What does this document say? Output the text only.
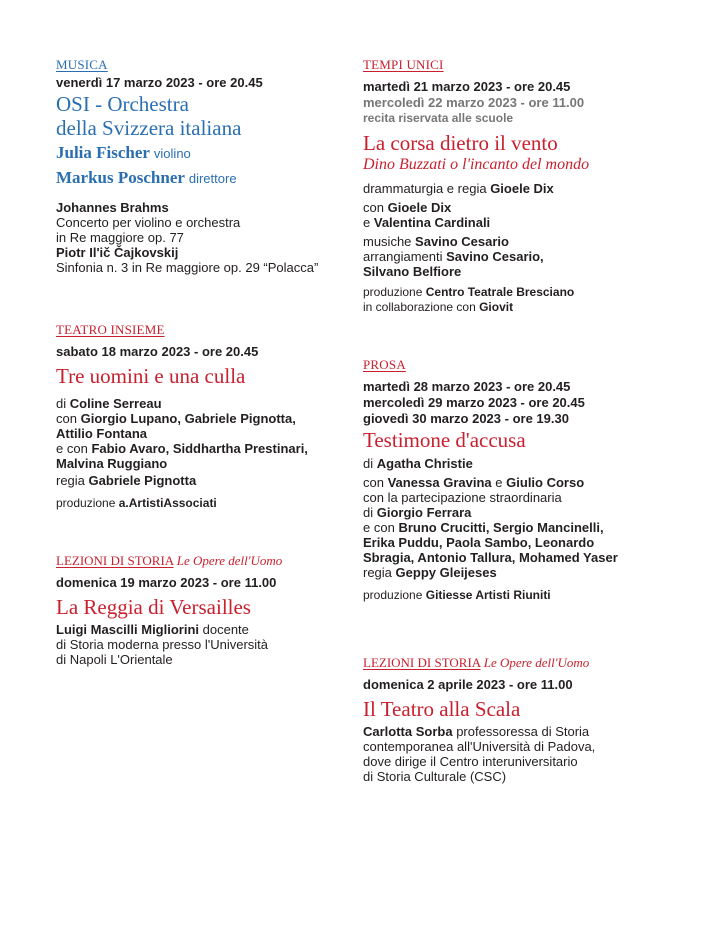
MUSICA
venerdì 17 marzo 2023 - ore 20.45
OSI - Orchestra
della Svizzera italiana
Julia Fischer violino
Markus Poschner direttore
Johannes Brahms
Concerto per violino e orchestra
in Re maggiore op. 77
Piotr Il'ič Čajkovskij
Sinfonia n. 3 in Re maggiore op. 29 “Polacca”
TEATRO INSIEME
sabato 18 marzo 2023 - ore 20.45
Tre uomini e una culla
di Coline Serreau
con Giorgio Lupano, Gabriele Pignotta,
Attilio Fontana
e con Fabio Avaro, Siddhartha Prestinari,
Malvina Ruggiano
regia Gabriele Pignotta
produzione a.ArtistiAssociati
LEZIONI DI STORIA Le Opere dell'Uomo
domenica 19 marzo 2023 - ore 11.00
La Reggia di Versailles
Luigi Mascilli Migliorini docente
di Storia moderna presso l'Università
di Napoli L'Orientale
TEMPI UNICI
martedì 21 marzo 2023 - ore 20.45
mercoledì 22 marzo 2023 - ore 11.00
recita riservata alle scuole
La corsa dietro il vento
Dino Buzzati o l'incanto del mondo
drammaturgia e regia Gioele Dix
con Gioele Dix
e Valentina Cardinali
musiche Savino Cesario
arrangiamenti Savino Cesario,
Silvano Belfiore
produzione Centro Teatrale Bresciano
in collaborazione con Giovit
PROSA
martedì 28 marzo 2023 - ore 20.45
mercoledì 29 marzo 2023 - ore 20.45
giovedì 30 marzo 2023 - ore 19.30
Testimone d'accusa
di Agatha Christie
con Vanessa Gravina e Giulio Corso
con la partecipazione straordinaria
di Giorgio Ferrara
e con Bruno Crucitti, Sergio Mancinelli,
Erika Puddu, Paola Sambo, Leonardo
Sbragia, Antonio Tallura, Mohamed Yaser
regia Geppy Gleijeses
produzione Gitiesse Artisti Riuniti
LEZIONI DI STORIA Le Opere dell'Uomo
domenica 2 aprile 2023 - ore 11.00
Il Teatro alla Scala
Carlotta Sorba professoressa di Storia
contemporanea all'Università di Padova,
dove dirige il Centro interuniversitario
di Storia Culturale (CSC)
